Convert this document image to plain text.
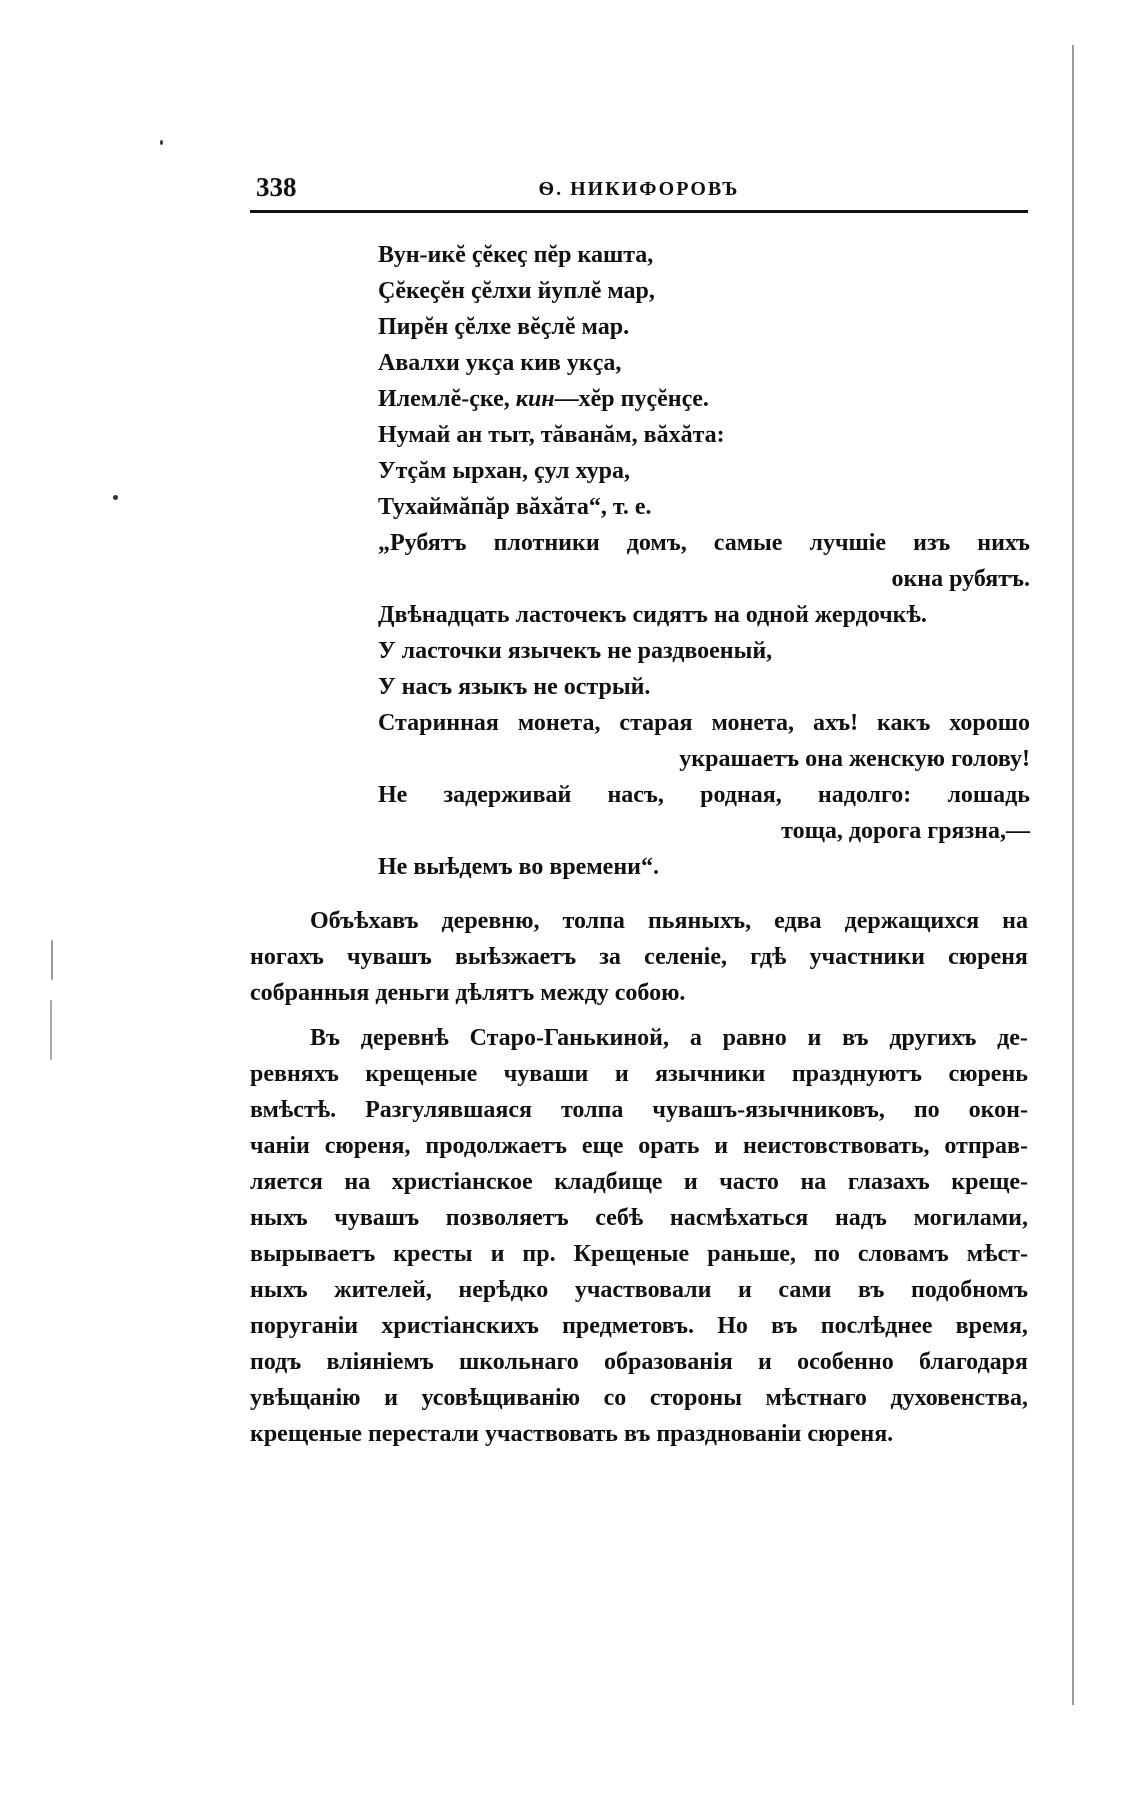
338	Ѳ. НИКИФОРОВЪ
Вун-икĕ ҫĕкеҫ пĕр кашта,
Ҫĕкеҫĕн ҫĕлхи йуплĕ мар,
Пирĕн ҫĕлхе вĕҫлĕ мар.
Авалхи укҫа кив укҫа,
Илемлĕ-ҫке, кин—хĕр пуҫĕнҫе.
Нумай ан тыт, тăванăм, вăхăта:
Утçăм ырхан, çул хура,
Тухаймăпăр вăхăта“, т. е.
„Рубятъ плотники домъ, самые лучшіе изъ нихъ
окна рубятъ.
Двѣнадцать ласточекъ сидятъ на одной жердочкѣ.
У ласточки язычекъ не раздвоеный,
У насъ языкъ не острый.
Старинная монета, старая монета, ахъ! какъ хорошо
украшаетъ она женскую голову!
Не задерживай насъ, родная, надолго: лошадь
тоща, дорога грязна,—
Не выѣдемъ во времени“.
Объѣхавъ деревню, толпа пьяныхъ, едва держащихся на
ногахъ чувашъ выѣзжаетъ за селеніе, гдѣ участники сюреня
собранныя деньги дѣлятъ между собою.
Въ деревнѣ Старо-Ганькиной, а равно и въ другихъ де-
ревняхъ крещеные чуваши и язычники празднуютъ сюрень
вмѣстѣ. Разгулявшаяся толпа чувашъ-язычниковъ, по окон-
чаніи сюреня, продолжаетъ еще орать и неистовствовать, отправ-
ляется на христіанское кладбище и часто на глазахъ креще-
ныхъ чувашъ позволяетъ себѣ насмѣхаться надъ могилами,
вырываетъ кресты и пр. Крещеные раньше, по словамъ мѣст-
ныхъ жителей, нерѣдко участвовали и сами въ подобномъ
поруганіи христіанскихъ предметовъ. Но въ послѣднее время,
подъ вліяніемъ школьнаго образованія и особенно благодаря
увѣщанію и усовѣщиванію со стороны мѣстнаго духовенства,
крещеные перестали участвовать въ праздновaніи сюреня.
